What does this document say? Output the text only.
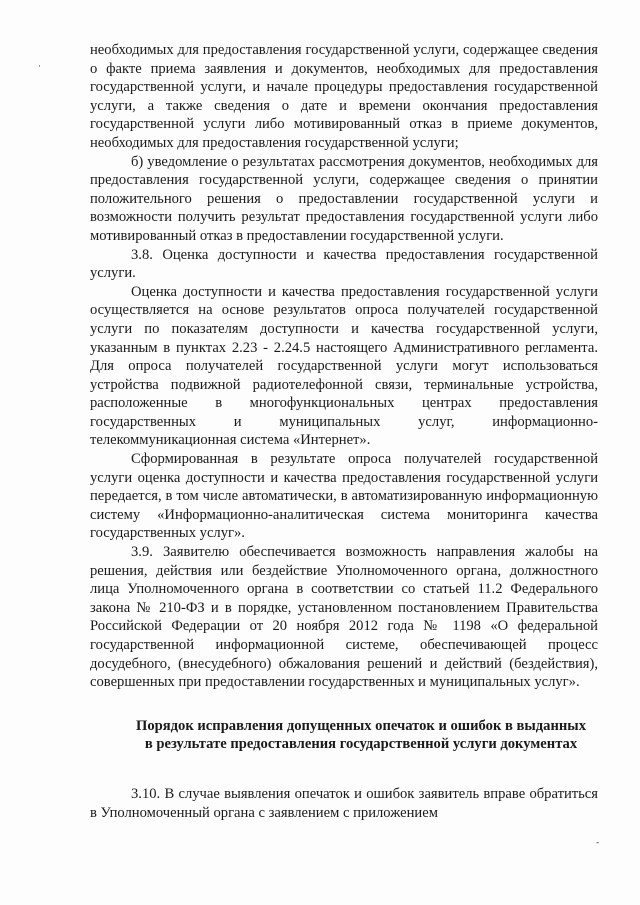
необходимых для предоставления государственной услуги, содержащее сведения о факте приема заявления и документов, необходимых для предоставления государственной услуги, и начале процедуры предоставления государственной услуги, а также сведения о дате и времени окончания предоставления государственной услуги либо мотивированный отказ в приеме документов, необходимых для предоставления государственной услуги;

б) уведомление о результатах рассмотрения документов, необходимых для предоставления государственной услуги, содержащее сведения о принятии положительного решения о предоставлении государственной услуги и возможности получить результат предоставления государственной услуги либо мотивированный отказ в предоставлении государственной услуги.

3.8. Оценка доступности и качества предоставления государственной услуги.

Оценка доступности и качества предоставления государственной услуги осуществляется на основе результатов опроса получателей государственной услуги по показателям доступности и качества государственной услуги, указанным в пунктах 2.23 - 2.24.5 настоящего Административного регламента. Для опроса получателей государственной услуги могут использоваться устройства подвижной радиотелефонной связи, терминальные устройства, расположенные в многофункциональных центрах предоставления государственных и муниципальных услуг, информационно-телекоммуникационная система «Интернет».

Сформированная в результате опроса получателей государственной услуги оценка доступности и качества предоставления государственной услуги передается, в том числе автоматически, в автоматизированную информационную систему «Информационно-аналитическая система мониторинга качества государственных услуг».

3.9. Заявителю обеспечивается возможность направления жалобы на решения, действия или бездействие Уполномоченного органа, должностного лица Уполномоченного органа в соответствии со статьей 11.2 Федерального закона № 210-ФЗ и в порядке, установленном постановлением Правительства Российской Федерации от 20 ноября 2012 года № 1198 «О федеральной государственной информационной системе, обеспечивающей процесс досудебного, (внесудебного) обжалования решений и действий (бездействия), совершенных при предоставлении государственных и муниципальных услуг».

Порядок исправления допущенных опечаток и ошибок в выданных в результате предоставления государственной услуги документах

3.10. В случае выявления опечаток и ошибок заявитель вправе обратиться в Уполномоченный органа с заявлением с приложением

·
-
